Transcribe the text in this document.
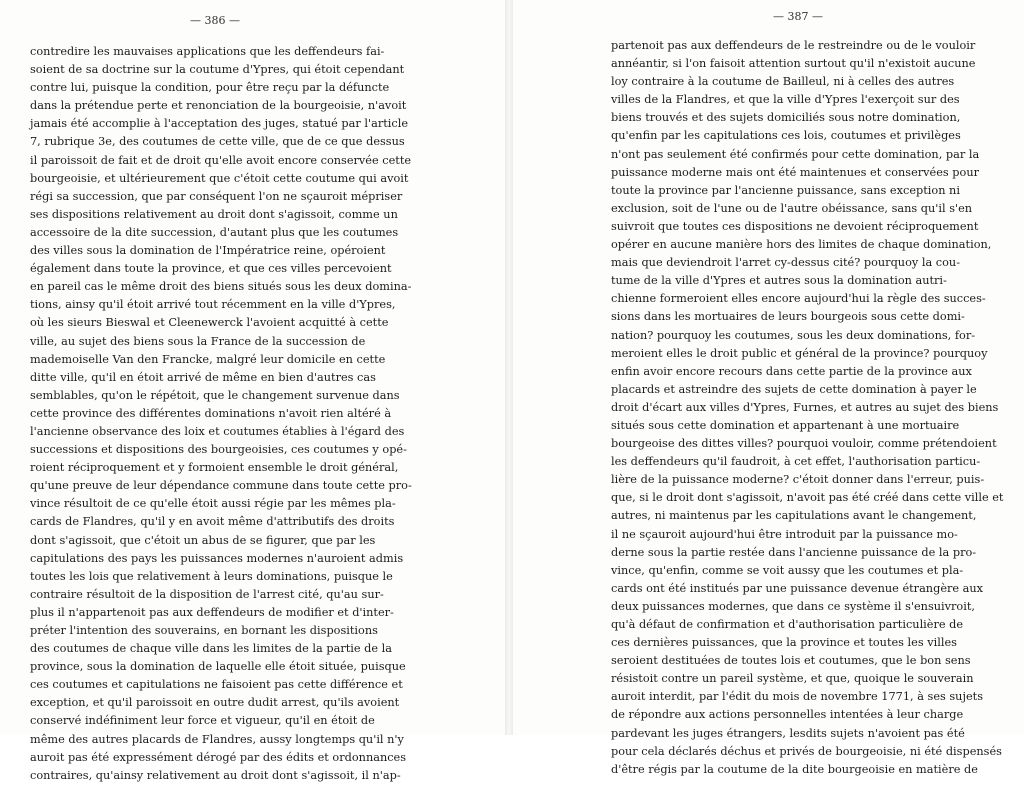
— 386 —
contredire les mauvaises applications que les deffendeurs fai-
soient de sa doctrine sur la coutume d'Ypres, qui étoit cependant
contre lui, puisque la condition, pour être reçu par la défuncte
dans la prétendue perte et renonciation de la bourgeoisie, n'avoit
jamais été accomplie à l'acceptation des juges, statué par l'article
7, rubrique 3e, des coutumes de cette ville, que de ce que dessus
il paroissoit de fait et de droit qu'elle avoit encore conservée cette
bourgeoisie, et ultérieurement que c'étoit cette coutume qui avoit
régi sa succession, que par conséquent l'on ne sçauroit mépriser
ses dispositions relativement au droit dont s'agissoit, comme un
accessoire de la dite succession, d'autant plus que les coutumes
des villes sous la domination de l'Impératrice reine, opéroient
également dans toute la province, et que ces villes percevoient
en pareil cas le même droit des biens situés sous les deux domina-
tions, ainsy qu'il étoit arrivé tout récemment en la ville d'Ypres,
où les sieurs Bieswal et Cleenewerck l'avoient acquitté à cette
ville, au sujet des biens sous la France de la succession de
mademoiselle Van den Francke, malgré leur domicile en cette
ditte ville, qu'il en étoit arrivé de même en bien d'autres cas
semblables, qu'on le répétoit, que le changement survenue dans
cette province des différentes dominations n'avoit rien altéré à
l'ancienne observance des loix et coutumes établies à l'égard des
successions et dispositions des bourgeoisies, ces coutumes y opé-
roient réciproquement et y formoient ensemble le droit général,
qu'une preuve de leur dépendance commune dans toute cette pro-
vince résultoit de ce qu'elle étoit aussi régie par les mêmes pla-
cards de Flandres, qu'il y en avoit même d'attributifs des droits
dont s'agissoit, que c'étoit un abus de se figurer, que par les
capitulations des pays les puissances modernes n'auroient admis
toutes les lois que relativement à leurs dominations, puisque le
contraire résultoit de la disposition de l'arrest cité, qu'au sur-
plus il n'appartenoit pas aux deffendeurs de modifier et d'inter-
préter l'intention des souverains, en bornant les dispositions
des coutumes de chaque ville dans les limites de la partie de la
province, sous la domination de laquelle elle étoit située, puisque
ces coutumes et capitulations ne faisoient pas cette différence et
exception, et qu'il paroissoit en outre dudit arrest, qu'ils avoient
conservé indéfiniment leur force et vigueur, qu'il en étoit de
même des autres placards de Flandres, aussy longtemps qu'il n'y
auroit pas été expressément dérogé par des édits et ordonnances
contraires, qu'ainsy relativement au droit dont s'agissoit, il n'ap-
— 387 —
partenoit pas aux deffendeurs de le restreindre ou de le vouloir
annéantir, si l'on faisoit attention surtout qu'il n'existoit aucune
loy contraire à la coutume de Bailleul, ni à celles des autres
villes de la Flandres, et que la ville d'Ypres l'exerçoit sur des
biens trouvés et des sujets domiciliés sous notre domination,
qu'enfin par les capitulations ces lois, coutumes et privilèges
n'ont pas seulement été confirmés pour cette domination, par la
puissance moderne mais ont été maintenues et conservées pour
toute la province par l'ancienne puissance, sans exception ni
exclusion, soit de l'une ou de l'autre obéissance, sans qu'il s'en
suivroit que toutes ces dispositions ne devoient réciproquement
opérer en aucune manière hors des limites de chaque domination,
mais que deviendroit l'arret cy-dessus cité? pourquoy la cou-
tume de la ville d'Ypres et autres sous la domination autri-
chienne formeroient elles encore aujourd'hui la règle des succes-
sions dans les mortuaires de leurs bourgeois sous cette domi-
nation? pourquoy les coutumes, sous les deux dominations, for-
meroient elles le droit public et général de la province? pourquoy
enfin avoir encore recours dans cette partie de la province aux
placards et astreindre des sujets de cette domination à payer le
droit d'écart aux villes d'Ypres, Furnes, et autres au sujet des biens
situés sous cette domination et appartenant à une mortuaire
bourgeoise des dittes villes? pourquoi vouloir, comme prétendoient
les deffendeurs qu'il faudroit, à cet effet, l'authorisation particu-
lière de la puissance moderne? c'étoit donner dans l'erreur, puis-
que, si le droit dont s'agissoit, n'avoit pas été créé dans cette ville et
autres, ni maintenus par les capitulations avant le changement,
il ne sçauroit aujourd'hui être introduit par la puissance mo-
derne sous la partie restée dans l'ancienne puissance de la pro-
vince, qu'enfin, comme se voit aussy que les coutumes et pla-
cards ont été institués par une puissance devenue étrangère aux
deux puissances modernes, que dans ce système il s'ensuivroit,
qu'à défaut de confirmation et d'authorisation particulière de
ces dernières puissances, que la province et toutes les villes
seroient destituées de toutes lois et coutumes, que le bon sens
résistoit contre un pareil système, et que, quoique le souverain
auroit interdit, par l'édit du mois de novembre 1771, à ses sujets
de répondre aux actions personnelles intentées à leur charge
pardevant les juges étrangers, lesdits sujets n'avoient pas été
pour cela déclarés déchus et privés de bourgeoisie, ni été dispensés
d'être régis par la coutume de la dite bourgeoisie en matière de
